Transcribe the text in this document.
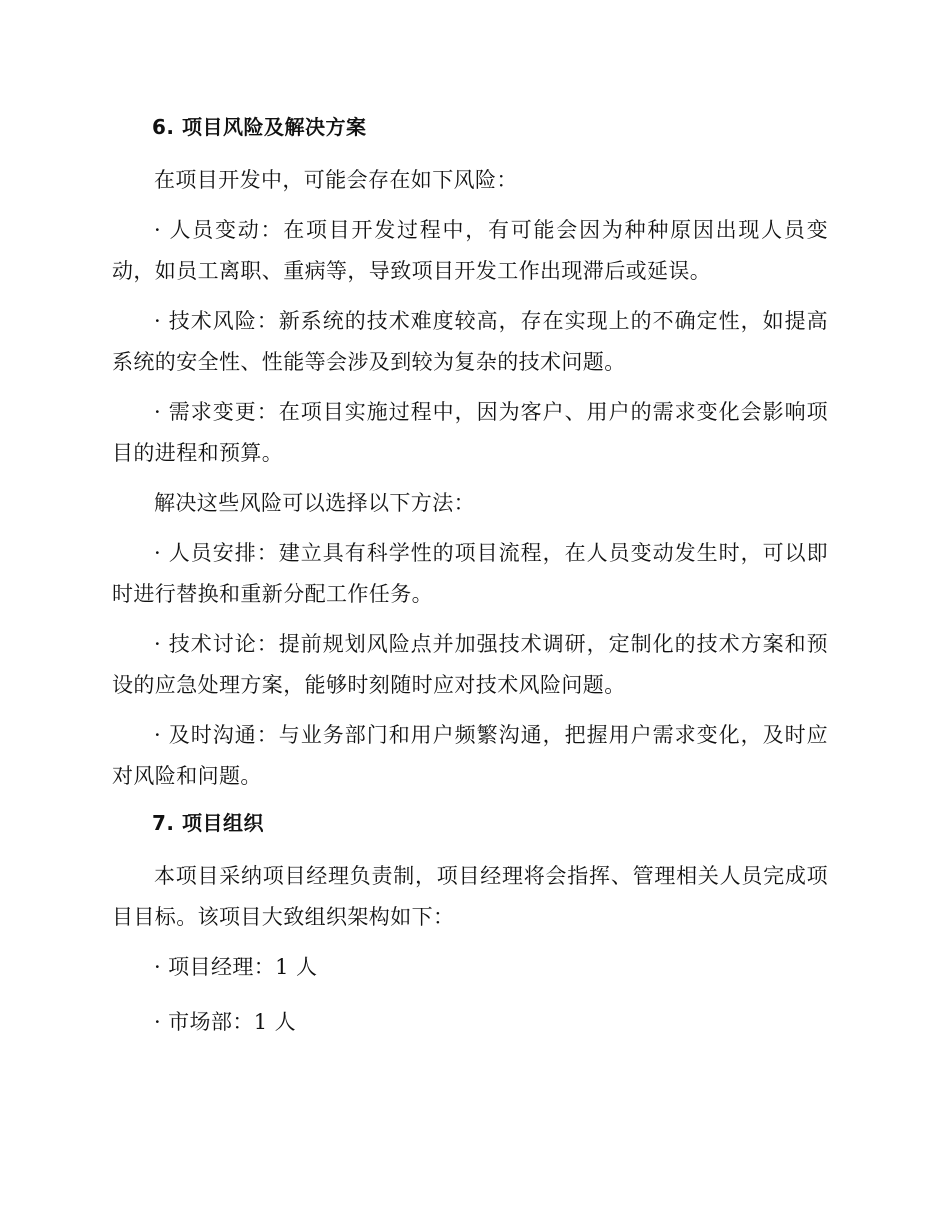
6. 项目风险及解决方案

在项目开发中，可能会存在如下风险：

· 人员变动：在项目开发过程中，有可能会因为种种原因出现人员变动，如员工离职、重病等，导致项目开发工作出现滞后或延误。

· 技术风险：新系统的技术难度较高，存在实现上的不确定性，如提高系统的安全性、性能等会涉及到较为复杂的技术问题。

· 需求变更：在项目实施过程中，因为客户、用户的需求变化会影响项目的进程和预算。

解决这些风险可以选择以下方法：

· 人员安排：建立具有科学性的项目流程，在人员变动发生时，可以即时进行替换和重新分配工作任务。

· 技术讨论：提前规划风险点并加强技术调研，定制化的技术方案和预设的应急处理方案，能够时刻随时应对技术风险问题。

· 及时沟通：与业务部门和用户频繁沟通，把握用户需求变化，及时应对风险和问题。

7. 项目组织

本项目采纳项目经理负责制，项目经理将会指挥、管理相关人员完成项目目标。该项目大致组织架构如下：

· 项目经理：1 人

· 市场部：1 人
